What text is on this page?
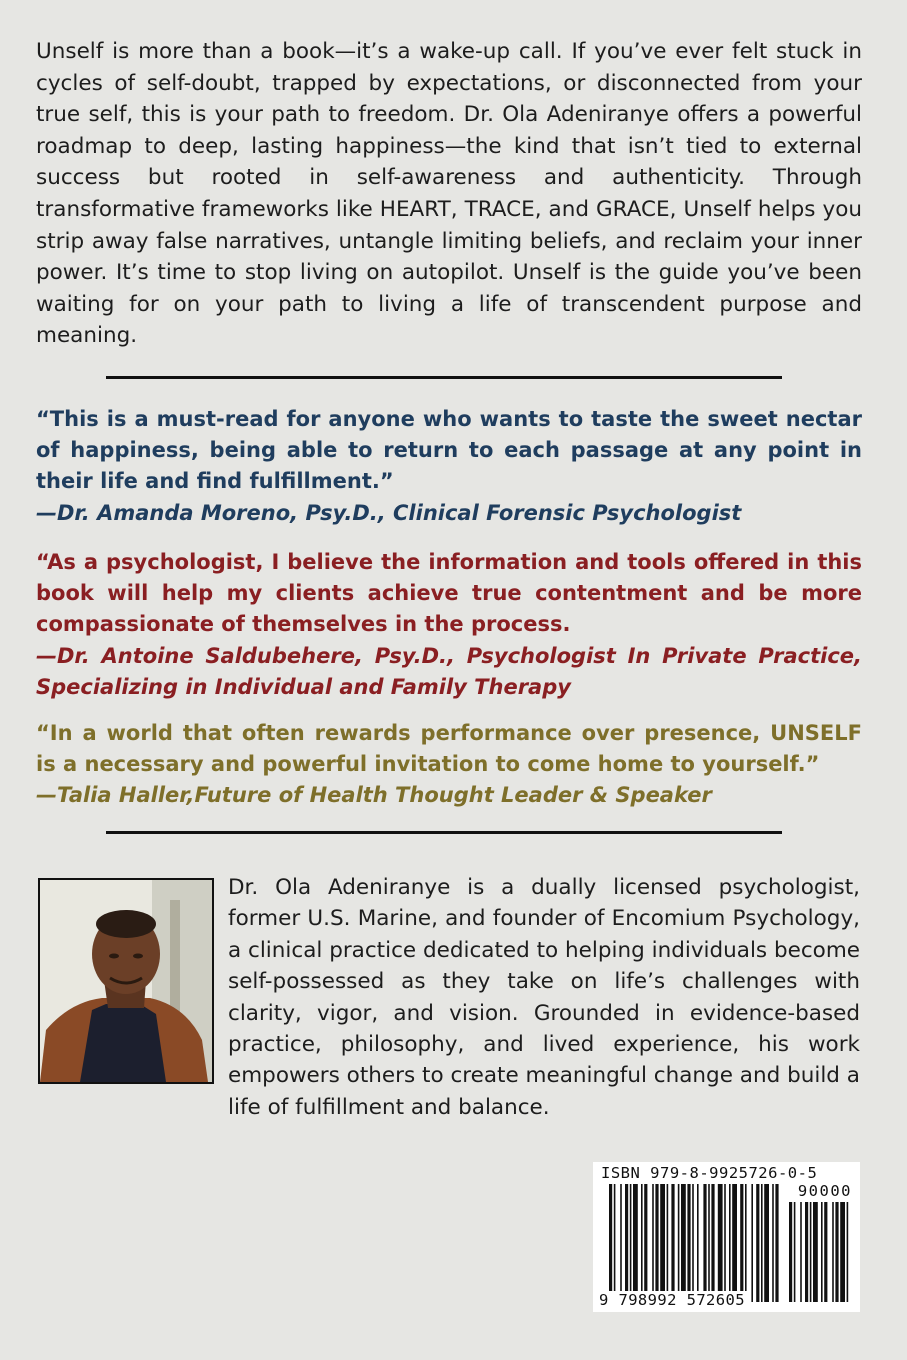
Unself is more than a book—it’s a wake-up call. If you’ve ever felt stuck in cycles of self-doubt, trapped by expectations, or disconnected from your true self, this is your path to freedom. Dr. Ola Adeniranye offers a powerful roadmap to deep, lasting happiness—the kind that isn’t tied to external success but rooted in self-awareness and authenticity. Through transformative frameworks like HEART, TRACE, and GRACE, Unself helps you strip away false narratives, untangle limiting beliefs, and reclaim your inner power. It’s time to stop living on autopilot. Unself is the guide you’ve been waiting for on your path to living a life of transcendent purpose and meaning.

“This is a must-read for anyone who wants to taste the sweet nectar of happiness, being able to return to each passage at any point in their life and find fulfillment.”
—Dr. Amanda Moreno, Psy.D., Clinical Forensic Psychologist
“As a psychologist, I believe the information and tools offered in this book will help my clients achieve true contentment and be more compassionate of themselves in the process.
—Dr. Antoine Saldubehere, Psy.D., Psychologist In Private Practice, Specializing in Individual and Family Therapy
“In a world that often rewards performance over presence, UNSELF is a necessary and powerful invitation to come home to yourself.”
—Talia Haller,Future of Health Thought Leader & Speaker

Dr. Ola Adeniranye is a dually licensed psychologist, former U.S. Marine, and founder of Encomium Psychology, a clinical practice dedicated to helping individuals become self-possessed as they take on life’s challenges with clarity, vigor, and vision. Grounded in evidence-based practice, philosophy, and lived experience, his work empowers others to create meaningful change and build a life of fulfillment and balance.

ISBN 979-8-9925726-0-5
90000
9 798992 572605
